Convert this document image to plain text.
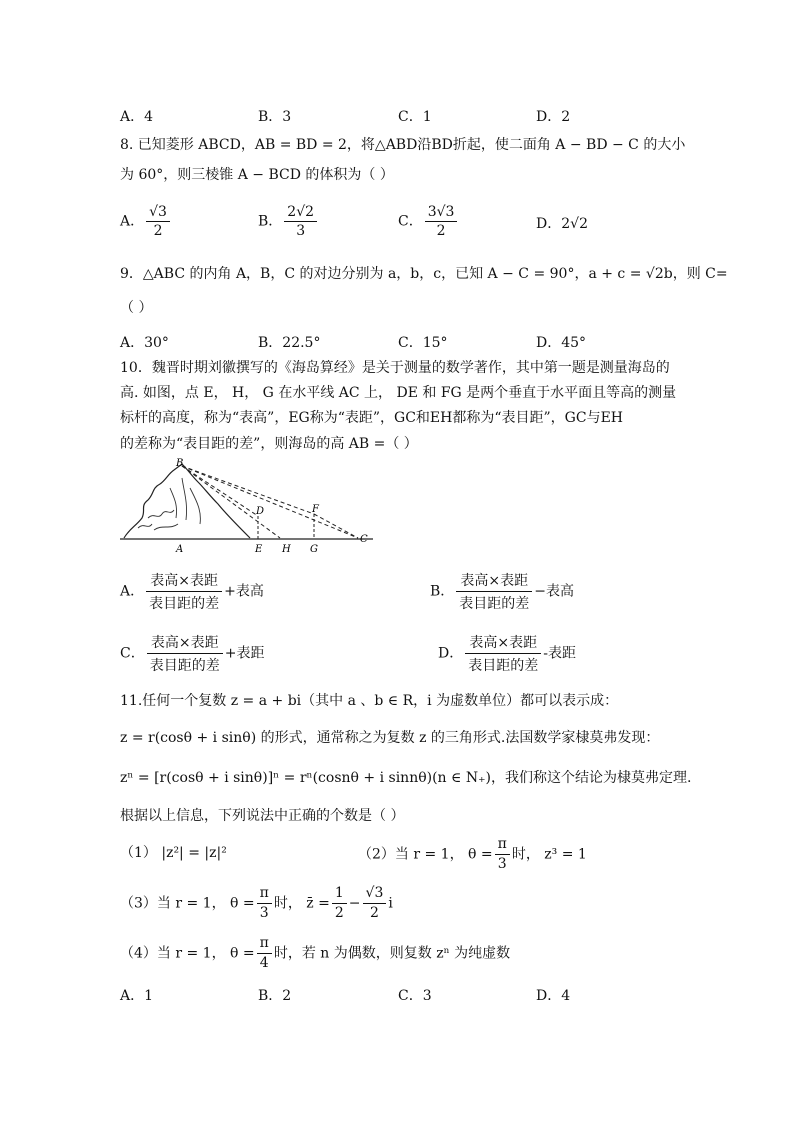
A．4	B．3	C．1	D．2
8. 已知菱形 ABCD，AB = BD = 2，将△ABD沿BD折起，使二面角 A − BD − C 的大小
为 60°，则三棱锥 A − BCD 的体积为（ ）
A． $\frac{√3}{2}$	B． $\frac{2√2}{3}$	C． $\frac{3√3}{2}$	D．2√2
9．△ABC 的内角 A，B，C 的对边分别为 a，b，c，已知 A − C = 90°，a + c = √2b，则 C=
（ ）
A．30°	B．22.5°	C．15°	D．45°
10．魏晋时期刘徽撰写的《海岛算经》是关于测量的数学著作，其中第一题是测量海岛的
高. 如图，点 E， H， G 在水平线 AC 上， DE 和 FG 是两个垂直于水平面且等高的测量
标杆的高度，称为“表高”，EG称为“表距”，GC和EH都称为“表目距”，GC与EH
的差称为“表目距的差”，则海岛的高 AB =（ ）
B
D	F
A	E H G
C
A． $\frac{\text{表高×表距}}{\text{表目距的差}}$ +表高	B． $\frac{\text{表高×表距}}{\text{表目距的差}}$ −表高
C． $\frac{\text{表高×表距}}{\text{表目距的差}}$ +表距	D． $\frac{\text{表高×表距}}{\text{表目距的差}}$ -表距
11.任何一个复数 z = a + bi（其中 a 、b ∈ R，i 为虚数单位）都可以表示成：
z = r(cosθ + i sinθ) 的形式，通常称之为复数 z 的三角形式.法国数学家棣莫弗发现：
zⁿ = [r(cosθ + i sinθ)]ⁿ = rⁿ(cosnθ + i sinnθ)(n ∈ N₊)，我们称这个结论为棣莫弗定理.
根据以上信息，下列说法中正确的个数是（ ）
（1） |z²| = |z|²	（2）当 r = 1， $\theta = \frac{\pi}{3}$ 时， z³ = 1
（3）当 r = 1， $\theta = \frac{\pi}{3}$ 时， z̄ = $\frac{1}{2} - \frac{√3}{2}$ i
（4）当 r = 1， $\theta = \frac{\pi}{4}$ 时，若 n 为偶数，则复数 zⁿ 为纯虚数
A．1	B．2	C．3	D．4
